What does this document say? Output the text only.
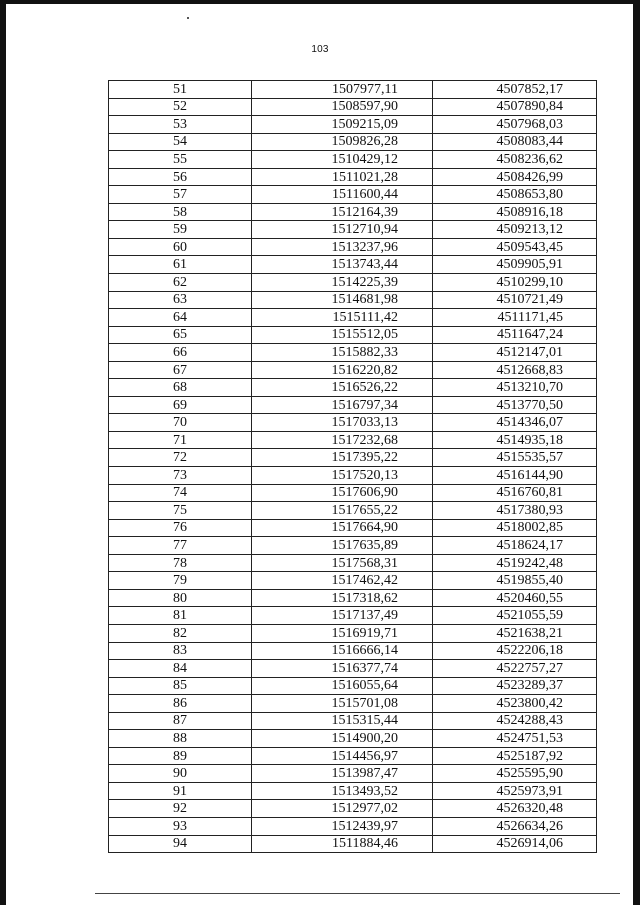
103
51	1507977,11	4507852,17
52	1508597,90	4507890,84
53	1509215,09	4507968,03
54	1509826,28	4508083,44
55	1510429,12	4508236,62
56	1511021,28	4508426,99
57	1511600,44	4508653,80
58	1512164,39	4508916,18
59	1512710,94	4509213,12
60	1513237,96	4509543,45
61	1513743,44	4509905,91
62	1514225,39	4510299,10
63	1514681,98	4510721,49
64	1515111,42	4511171,45
65	1515512,05	4511647,24
66	1515882,33	4512147,01
67	1516220,82	4512668,83
68	1516526,22	4513210,70
69	1516797,34	4513770,50
70	1517033,13	4514346,07
71	1517232,68	4514935,18
72	1517395,22	4515535,57
73	1517520,13	4516144,90
74	1517606,90	4516760,81
75	1517655,22	4517380,93
76	1517664,90	4518002,85
77	1517635,89	4518624,17
78	1517568,31	4519242,48
79	1517462,42	4519855,40
80	1517318,62	4520460,55
81	1517137,49	4521055,59
82	1516919,71	4521638,21
83	1516666,14	4522206,18
84	1516377,74	4522757,27
85	1516055,64	4523289,37
86	1515701,08	4523800,42
87	1515315,44	4524288,43
88	1514900,20	4524751,53
89	1514456,97	4525187,92
90	1513987,47	4525595,90
91	1513493,52	4525973,91
92	1512977,02	4526320,48
93	1512439,97	4526634,26
94	1511884,46	4526914,06
